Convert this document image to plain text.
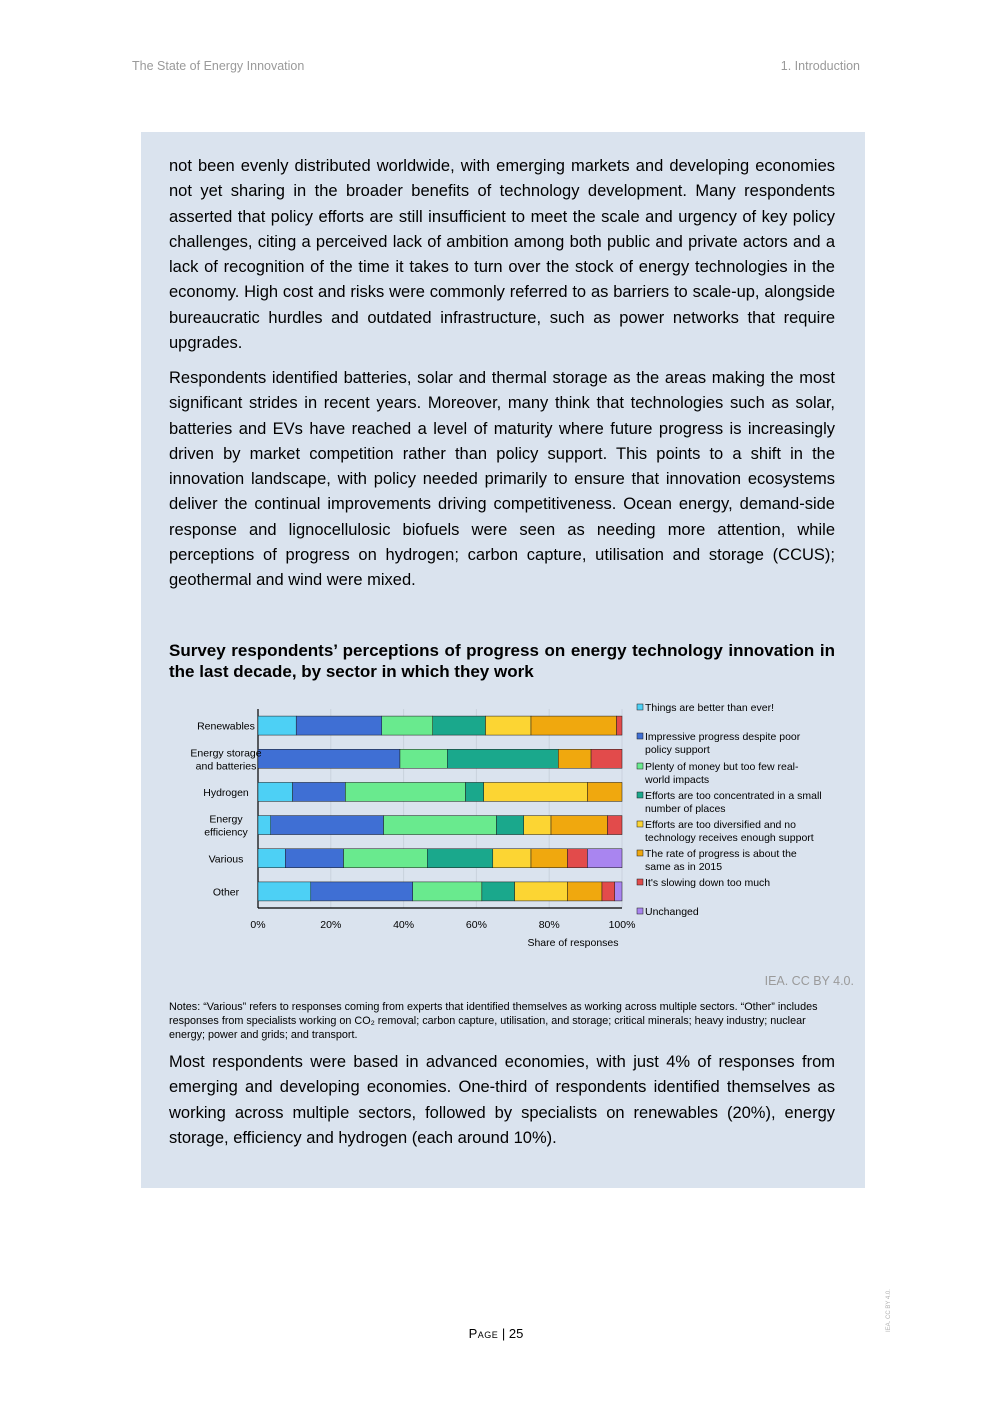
The State of Energy Innovation	1. Introduction

not been evenly distributed worldwide, with emerging markets and developing economies not yet sharing in the broader benefits of technology development. Many respondents asserted that policy efforts are still insufficient to meet the scale and urgency of key policy challenges, citing a perceived lack of ambition among both public and private actors and a lack of recognition of the time it takes to turn over the stock of energy technologies in the economy. High cost and risks were commonly referred to as barriers to scale-up, alongside bureaucratic hurdles and outdated infrastructure, such as power networks that require upgrades.

Respondents identified batteries, solar and thermal storage as the areas making the most significant strides in recent years. Moreover, many think that technologies such as solar, batteries and EVs have reached a level of maturity where future progress is increasingly driven by market competition rather than policy support. This points to a shift in the innovation landscape, with policy needed primarily to ensure that innovation ecosystems deliver the continual improvements driving competitiveness. Ocean energy, demand-side response and lignocellulosic biofuels were seen as needing more attention, while perceptions of progress on hydrogen; carbon capture, utilisation and storage (CCUS); geothermal and wind were mixed.

Survey respondents’ perceptions of progress on energy technology innovation in the last decade, by sector in which they work

0%	20%	40%	60%	80%	100%
Renewables
Energy storage
and batteries
Hydrogen
Energy
efficiency
Various
Other
Share of responses
Things are better than ever!
Impressive progress despite poor
policy support
Plenty of money but too few real-
world impacts
Efforts are too concentrated in a small
number of places
Efforts are too diversified and no
technology receives enough support
The rate of progress is about the
same as in 2015
It's slowing down too much
Unchanged
IEA. CC BY 4.0.

Notes: “Various” refers to responses coming from experts that identified themselves as working across multiple sectors. “Other” includes responses from specialists working on CO₂ removal; carbon capture, utilisation, and storage; critical minerals; heavy industry; nuclear energy; power and grids; and transport.

Most respondents were based in advanced economies, with just 4% of responses from emerging and developing economies. One-third of respondents identified themselves as working across multiple sectors, followed by specialists on renewables (20%), energy storage, efficiency and hydrogen (each around 10%).

IEA. CC BY 4.0.
Page | 25
